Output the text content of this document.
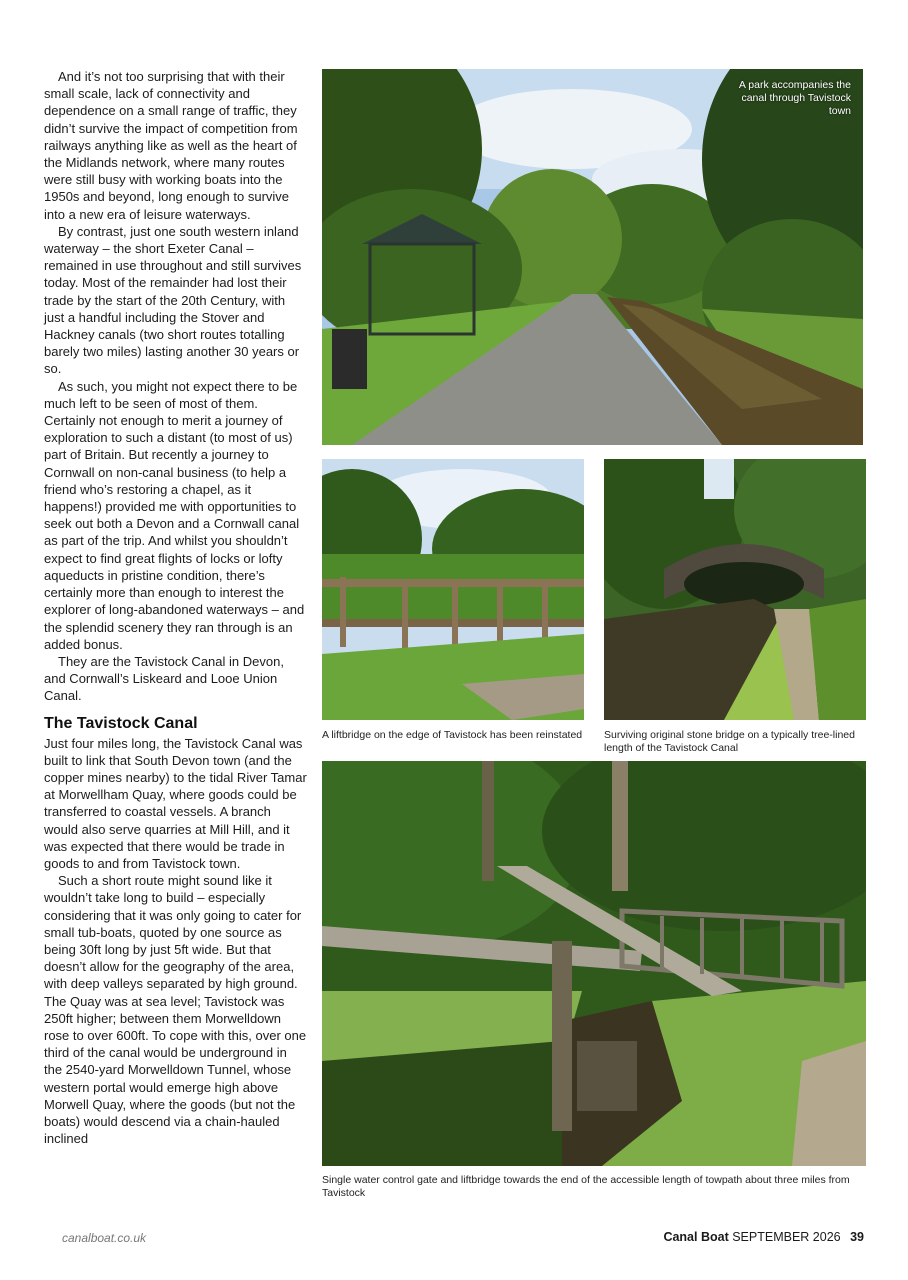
And it’s not too surprising that with their small scale, lack of connectivity and dependence on a small range of traffic, they didn’t survive the impact of competition from railways anything like as well as the heart of the Midlands network, where many routes were still busy with working boats into the 1950s and beyond, long enough to survive into a new era of leisure waterways.

By contrast, just one south western inland waterway – the short Exeter Canal – remained in use throughout and still survives today. Most of the remainder had lost their trade by the start of the 20th Century, with just a handful including the Stover and Hackney canals (two short routes totalling barely two miles) lasting another 30 years or so.

As such, you might not expect there to be much left to be seen of most of them. Certainly not enough to merit a journey of exploration to such a distant (to most of us) part of Britain. But recently a journey to Cornwall on non-canal business (to help a friend who’s restoring a chapel, as it happens!) provided me with opportunities to seek out both a Devon and a Cornwall canal as part of the trip. And whilst you shouldn’t expect to find great flights of locks or lofty aqueducts in pristine condition, there’s certainly more than enough to interest the explorer of long-abandoned waterways – and the splendid scenery they ran through is an added bonus.

They are the Tavistock Canal in Devon, and Cornwall’s Liskeard and Looe Union Canal.

The Tavistock Canal

Just four miles long, the Tavistock Canal was built to link that South Devon town (and the copper mines nearby) to the tidal River Tamar at Morwellham Quay, where goods could be transferred to coastal vessels. A branch would also serve quarries at Mill Hill, and it was expected that there would be trade in goods to and from Tavistock town.

Such a short route might sound like it wouldn’t take long to build – especially considering that it was only going to cater for small tub-boats, quoted by one source as being 30ft long by just 5ft wide. But that doesn’t allow for the geography of the area, with deep valleys separated by high ground. The Quay was at sea level; Tavistock was 250ft higher; between them Morwelldown rose to over 600ft. To cope with this, over one third of the canal would be underground in the 2540-yard Morwelldown Tunnel, whose western portal would emerge high above Morwell Quay, where the goods (but not the boats) would descend via a chain-hauled inclined

A park accompanies the canal through Tavistock town
A liftbridge on the edge of Tavistock has been reinstated Surviving original stone bridge on a typically tree-lined length of the Tavistock Canal
Single water control gate and liftbridge towards the end of the accessible length of towpath about three miles from Tavistock
canalboat.co.uk	Canal Boat SEPTEMBER 2026 39
